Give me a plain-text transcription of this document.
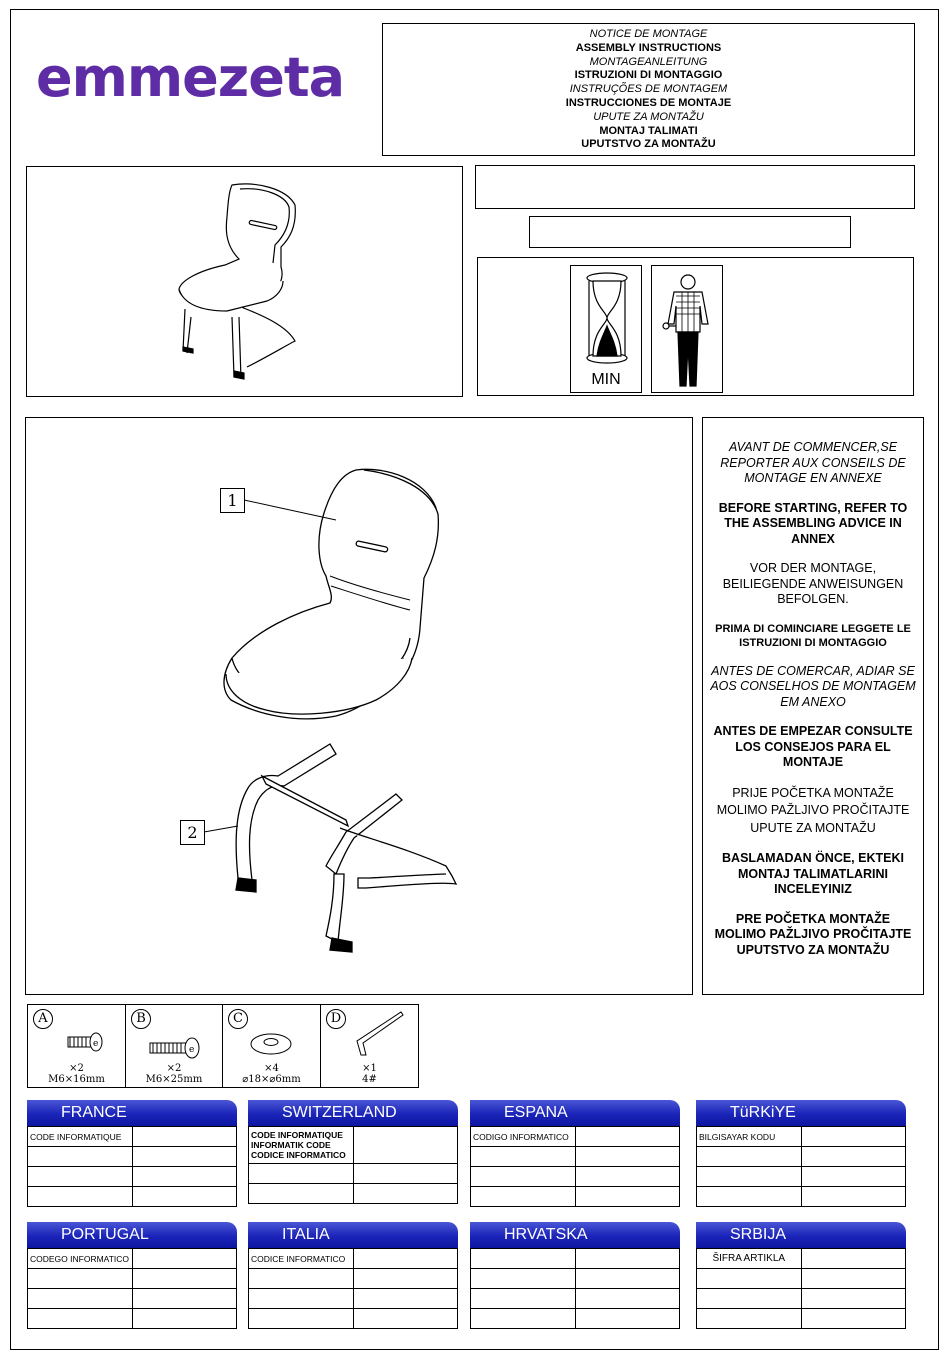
emmezeta
NOTICE DE MONTAGE
ASSEMBLY INSTRUCTIONS
MONTAGEANLEITUNG
ISTRUZIONI DI MONTAGGIO
INSTRUÇÕES DE MONTAGEM
INSTRUCCIONES DE MONTAJE
UPUTE ZA MONTAŽU
MONTAJ TALIMATI
UPUTSTVO ZA MONTAŽU
MIN
1
2

AVANT DE COMMENCER,SE REPORTER AUX CONSEILS DE MONTAGE EN ANNEXE

BEFORE STARTING, REFER TO THE ASSEMBLING ADVICE IN ANNEX

VOR DER MONTAGE, BEILIEGENDE ANWEISUNGEN BEFOLGEN.

PRIMA DI COMINCIARE LEGGETE LE ISTRUZIONI DI MONTAGGIO

ANTES DE COMERCAR, ADIAR SE AOS CONSELHOS DE MONTAGEM EM ANEXO

ANTES DE EMPEZAR CONSULTE LOS CONSEJOS PARA EL MONTAJE

PRIJE POČETKA MONTAŽE MOLIMO PAŽLJIVO PROČITAJTE UPUTE ZA MONTAŽU

BASLAMADAN ÖNCE, EKTEKI MONTAJ TALIMATLARINI INCELEYINIZ

PRE POČETKA MONTAŽE MOLIMO PAŽLJIVO PROČITAJTE UPUTSTVO ZA MONTAŽU

A
e
×2
M6×16mm
B
e
×2
M6×25mm
C
×4
⌀18×⌀6mm
D
×1
4#
FRANCE
CODE INFORMATIQUE	

SWITZERLAND
CODE INFORMATIQUE
INFORMATIK CODE
CODICE INFORMATICO	

ESPANA
CODIGO INFORMATICO	

TüRKiYE
BILGISAYAR KODU	

PORTUGAL
CODEGO INFORMATICO	

ITALIA
CODICE INFORMATICO	

HRVATSKA

		SRBIJA
ŠIFRA ARTIKLA	
